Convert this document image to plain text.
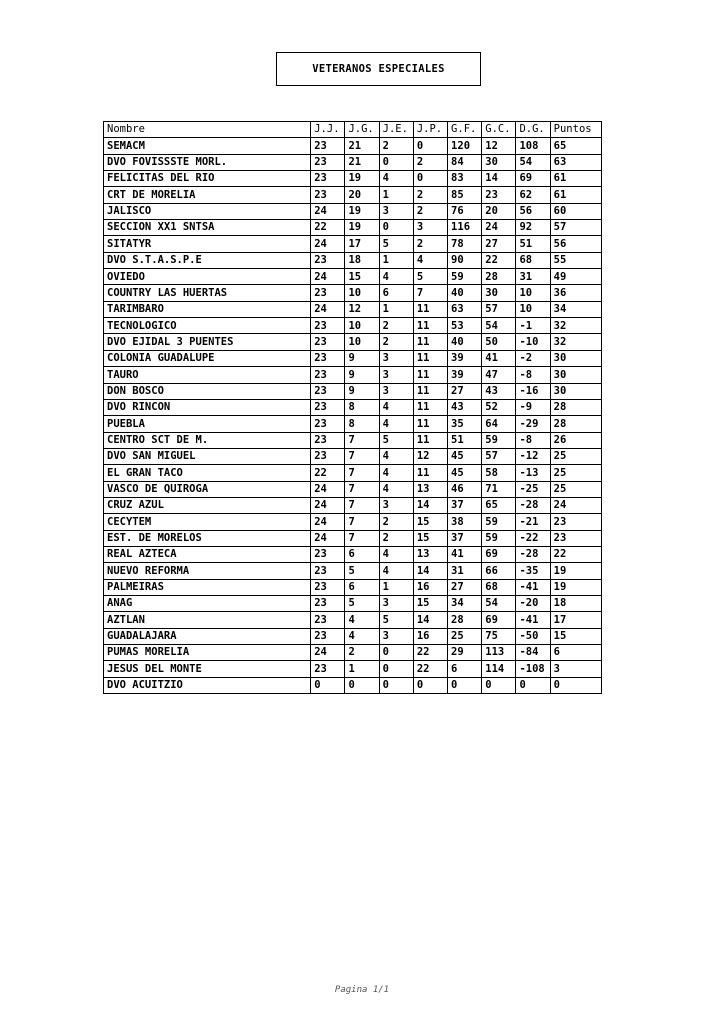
VETERANOS ESPECIALES
Nombre	J.J.	J.G.	J.E.	J.P.	G.F.	G.C.	D.G.	Puntos
SEMACM	23	21	2	0	120	12	108	65
DVO FOVISSSTE MORL.	23	21	0	2	84	30	54	63
FELICITAS DEL RIO	23	19	4	0	83	14	69	61
CRT DE MORELIA	23	20	1	2	85	23	62	61
JALISCO	24	19	3	2	76	20	56	60
SECCION XX1 SNTSA	22	19	0	3	116	24	92	57
SITATYR	24	17	5	2	78	27	51	56
DVO S.T.A.S.P.E	23	18	1	4	90	22	68	55
OVIEDO	24	15	4	5	59	28	31	49
COUNTRY LAS HUERTAS	23	10	6	7	40	30	10	36
TARIMBARO	24	12	1	11	63	57	10	34
TECNOLOGICO	23	10	2	11	53	54	-1	32
DVO EJIDAL 3 PUENTES	23	10	2	11	40	50	-10	32
COLONIA GUADALUPE	23	9	3	11	39	41	-2	30
TAURO	23	9	3	11	39	47	-8	30
DON BOSCO	23	9	3	11	27	43	-16	30
DVO RINCON	23	8	4	11	43	52	-9	28
PUEBLA	23	8	4	11	35	64	-29	28
CENTRO SCT DE M.	23	7	5	11	51	59	-8	26
DVO SAN MIGUEL	23	7	4	12	45	57	-12	25
EL GRAN TACO	22	7	4	11	45	58	-13	25
VASCO DE QUIROGA	24	7	4	13	46	71	-25	25
CRUZ AZUL	24	7	3	14	37	65	-28	24
CECYTEM	24	7	2	15	38	59	-21	23
EST. DE MORELOS	24	7	2	15	37	59	-22	23
REAL AZTECA	23	6	4	13	41	69	-28	22
NUEVO REFORMA	23	5	4	14	31	66	-35	19
PALMEIRAS	23	6	1	16	27	68	-41	19
ANAG	23	5	3	15	34	54	-20	18
AZTLAN	23	4	5	14	28	69	-41	17
GUADALAJARA	23	4	3	16	25	75	-50	15
PUMAS MORELIA	24	2	0	22	29	113	-84	6
JESUS DEL MONTE	23	1	0	22	6	114	-108	3
DVO ACUITZIO	0	0	0	0	0	0	0	0
Pagina 1/1
